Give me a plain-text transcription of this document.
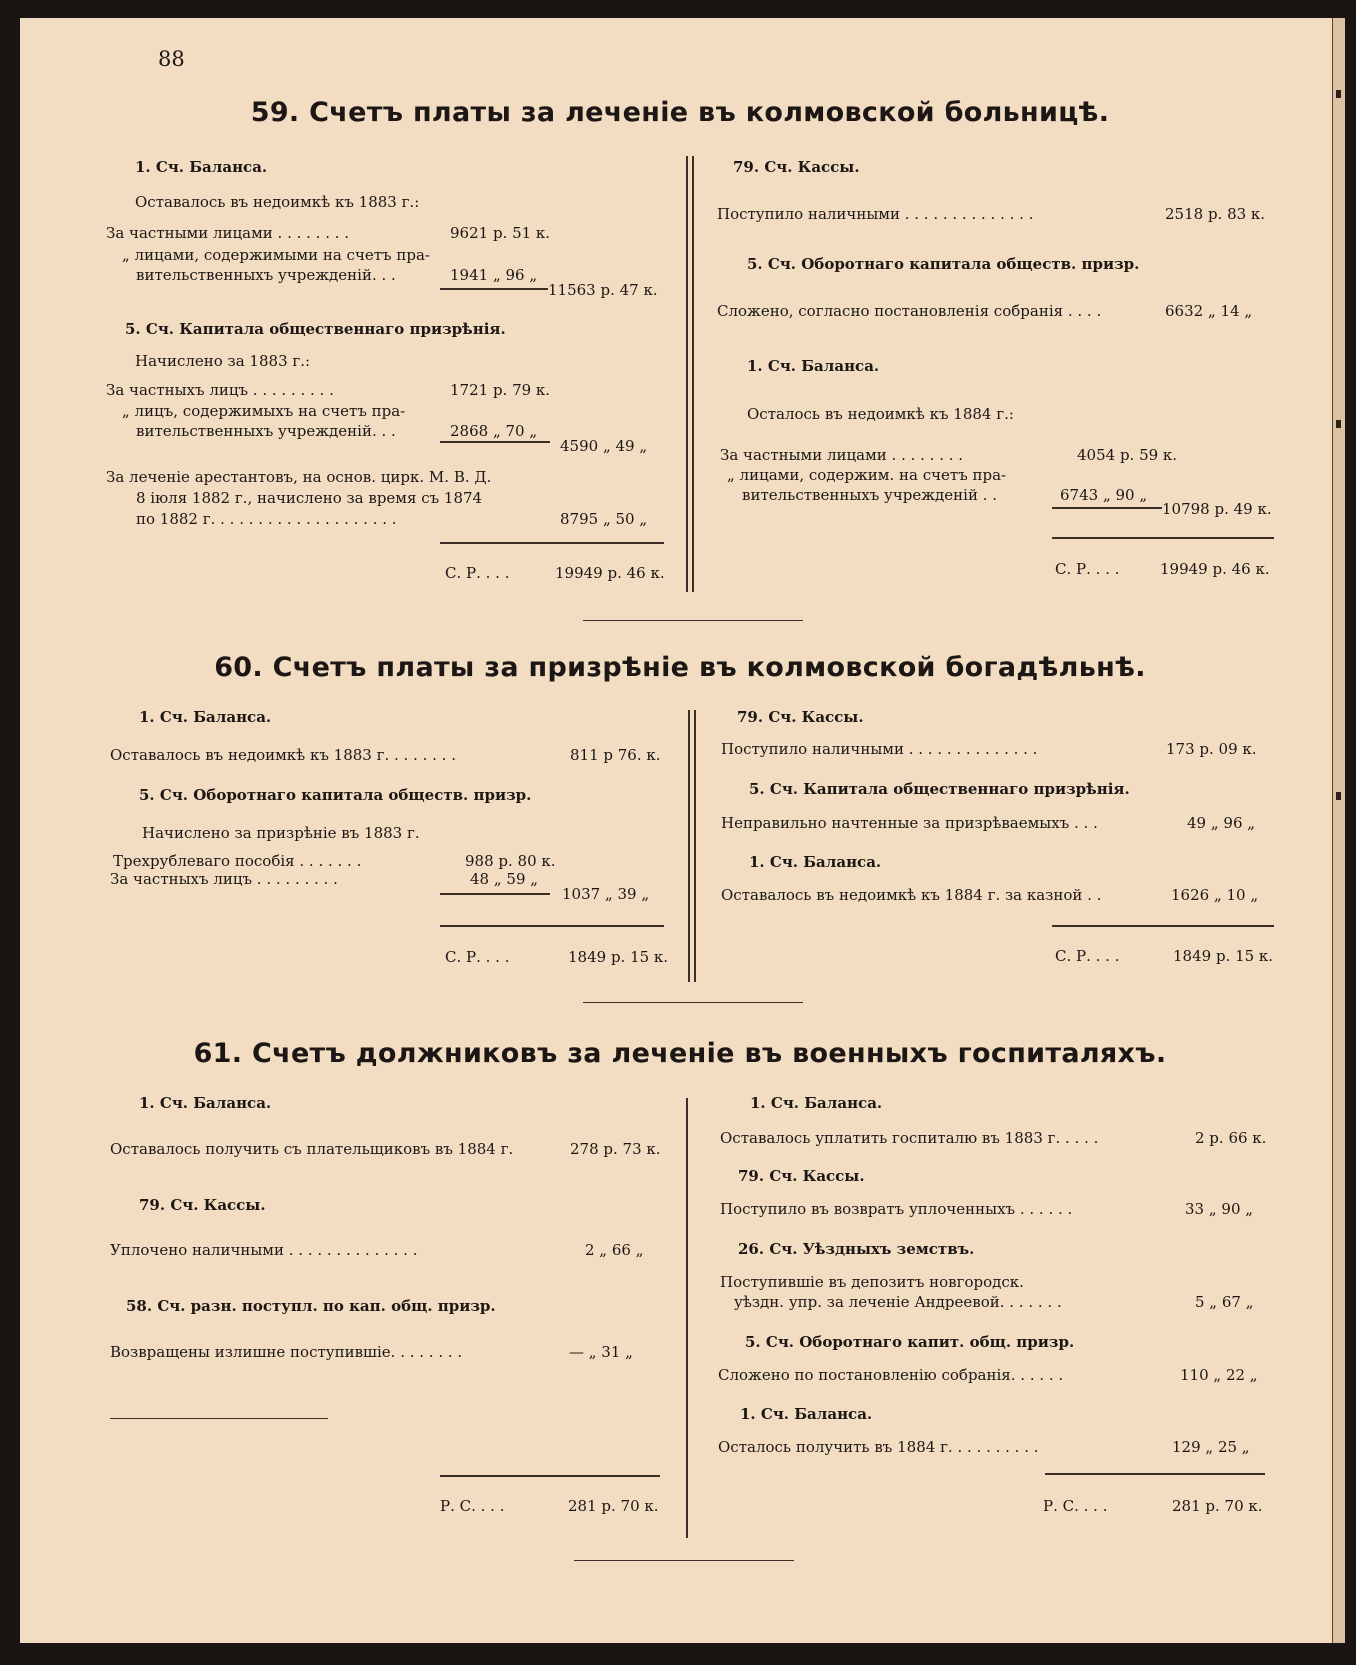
88
59. Счетъ платы за леченіе въ колмовской больницѣ.
1. Сч. Баланса.
Оставалось въ недоимкѣ къ 1883 г.:
За частными лицами . . . . . . . .	9621 р. 51 к.
„ лицами, содержимыми на счетъ пра-
вительственныхъ учрежденій. . .	1941 „ 96 „
11563 р. 47 к.
5. Сч. Капитала общественнаго призрѣнія.
Начислено за 1883 г.:
За частныхъ лицъ . . . . . . . . .	1721 р. 79 к.
„ лицъ, содержимыхъ на счетъ пра-
вительственныхъ учрежденій. . .	2868 „ 70 „
4590 „ 49 „
За леченіе арестантовъ, на основ. цирк. М. В. Д.
8 іюля 1882 г., начислено за время съ 1874
по 1882 г. . . . . . . . . . . . . . . . . . . .	8795 „ 50 „
С. Р. . . .	19949 р. 46 к.
79. Сч. Кассы.
Поступило наличными . . . . . . . . . . . . . .	2518 р. 83 к.
5. Сч. Оборотнаго капитала обществ. призр.
Сложено, согласно постановленія собранія . . . .	6632 „ 14 „
1. Сч. Баланса.
Осталось въ недоимкѣ къ 1884 г.:
За частными лицами . . . . . . . .	4054 р. 59 к.
„ лицами, содержим. на счетъ пра-
вительственныхъ учрежденій . .	6743 „ 90 „
10798 р. 49 к.
С. Р. . . .	19949 р. 46 к.
60. Счетъ платы за призрѣніе въ колмовской богадѣльнѣ.
1. Сч. Баланса.
Оставалось въ недоимкѣ къ 1883 г. . . . . . . .	811 р 76. к.
5. Сч. Оборотнаго капитала обществ. призр.
Начислено за призрѣніе въ 1883 г.
Трехрублеваго пособія . . . . . . .	988 р. 80 к.
За частныхъ лицъ . . . . . . . . .	48 „ 59 „
1037 „ 39 „
С. Р. . . .	1849 р. 15 к.
79. Сч. Кассы.
Поступило наличными . . . . . . . . . . . . . .	173 р. 09 к.
5. Сч. Капитала общественнаго призрѣнія.
Неправильно начтенные за призрѣваемыхъ . . .	49 „ 96 „
1. Сч. Баланса.
Оставалось въ недоимкѣ къ 1884 г. за казной . .	1626 „ 10 „
С. Р. . . .	1849 р. 15 к.
61. Счетъ должниковъ за леченіе въ военныхъ госпиталяхъ.
1. Сч. Баланса.
Оставалось получить съ плательщиковъ въ 1884 г.	278 р. 73 к.
79. Сч. Кассы.
Уплочено наличными . . . . . . . . . . . . . .	2 „ 66 „
58. Сч. разн. поступл. по кап. общ. призр.
Возвращены излишне поступившіе. . . . . . . .	— „ 31 „
Р. С. . . .	281 р. 70 к.
1. Сч. Баланса.
Оставалось уплатить госпиталю въ 1883 г. . . . .	2 р. 66 к.
79. Сч. Кассы.
Поступило въ возвратъ уплоченныхъ . . . . . .	33 „ 90 „
26. Сч. Уѣздныхъ земствъ.
Поступившіе въ депозитъ новгородск.
уѣздн. упр. за леченіе Андреевой. . . . . . .	5 „ 67 „
5. Сч. Оборотнаго капит. общ. призр.
Сложено по постановленію собранія. . . . . .	110 „ 22 „
1. Сч. Баланса.
Осталось получить въ 1884 г. . . . . . . . . .	129 „ 25 „
Р. С. . . .	281 р. 70 к.
